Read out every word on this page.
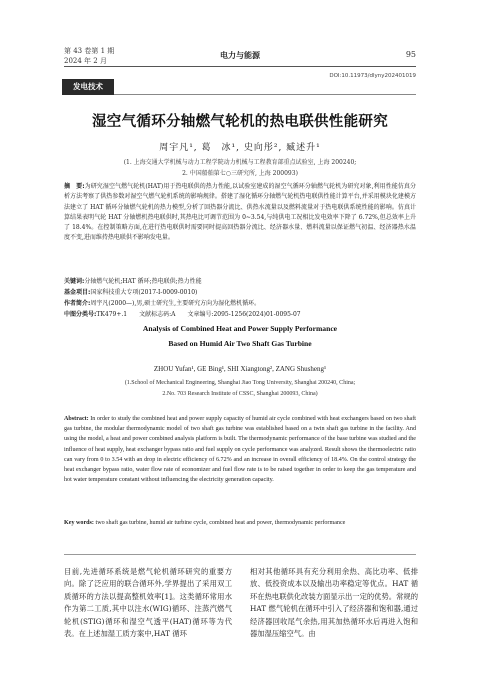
第 43 卷第 1 期
2024 年 2 月
电力与能源	95
发电技术
DOI:10.11973/dlyny202401019
湿空气循环分轴燃气轮机的热电联供性能研究
周宇凡¹, 葛　冰¹, 史向彤², 臧述升¹
(1. 上海交通大学机械与动力工程学院动力机械与工程教育部重点试验室, 上海 200240;
2. 中国船舶第七○三研究所, 上海 200093)
摘　要:为研究湿空气燃气轮机(HAT)用于热电联供的热力性能,以试验室建成的湿空气循环分轴燃气轮机为研究对象,利用性能仿真分析方法考察了供热参数对湿空气燃气轮机系统的影响规律。搭建了湿化循环分轴燃气轮机热电联供性能计算平台,并采用模块化建模方法建立了 HAT 循环分轴燃气轮机的热力模型,分析了回热器分流比、供热水流量以及燃料流量对于热电联供系统性能的影响。仿真计算结果表明气轮 HAT 分轴燃机热电联供时,其热电比可调节范围为 0~3.54,与纯供电工况相比发电效率下降了 6.72%,但总效率上升了 18.4%。在控制策略方面,在进行热电联供时需要同时提高回热器分流比、经济器水量、燃料流量以保证燃气初温、经济器热水温度不变,进而维持热电联供不影响发电量。
关键词:分轴燃气轮机;HAT 循环;热电联供;热力性能
基金项目:国家科技重大专项(2017-I-0009-0010)
作者简介:周宇凡(2000—),男,硕士研究生,主要研究方向为湿化燃机循环。
中图分类号:TK479+.1　　文献标志码:A　　文章编号:2095-1256(2024)01-0095-07
Analysis of Combined Heat and Power Supply Performance
Based on Humid Air Two Shaft Gas Turbine
ZHOU Yufan¹, GE Bing¹, SHI Xiangtong², ZANG Shusheng¹
(1.School of Mechanical Engineering, Shanghai Jiao Tong University, Shanghai 200240, China;
2.No. 703 Research Institute of CSSC, Shanghai 200093, China)
Abstract: In order to study the combined heat and power supply capacity of humid air cycle combined with heat exchangers based on two shaft gas turbine, the modular thermodynamic model of two shaft gas turbine was established based on a twin shaft gas turbine in the facility. And using the model, a heat and power combined analysis platform is built. The thermodynamic performance of the base turbine was studied and the influence of heat supply, heat exchanger bypass ratio and fuel supply on cycle performance was analyzed. Result shows the thermoelectric ratio can vary from 0 to 3.54 with an drop in electric efficiency of 6.72% and an increase in overall efficiency of 18.4%. On the control strategy the heat exchanger bypass ratio, water flow rate of economizer and fuel flow rate is to be raised together in order to keep the gas temperature and hot water temperature constant without influencing the electricity generation capacity.
Key words: two shaft gas turbine, humid air turbine cycle, combined heat and power, thermodynamic performance
目前,先进循环系统是燃气轮机循环研究的重要方向。除了泛应用的联合循环外,学界提出了采用双工质循环的方法以提高整机效率[1]。这类循环常用水作为第二工质,其中以注水(WIG)循环、注蒸汽燃气轮机(STIG)循环和湿空气透平(HAT)循环等为代表。在上述加湿工质方案中,HAT 循环
相对其他循环具有充分利用余热、高比功率、低排放、低投资成本以及输出功率稳定等优点。HAT 循环在热电联供化改装方面显示出一定的优势。常规的 HAT 燃气轮机在循环中引入了经济器和饱和器,通过经济器回收尾气余热,用其加热循环水后再进入饱和器加湿压缩空气。由
